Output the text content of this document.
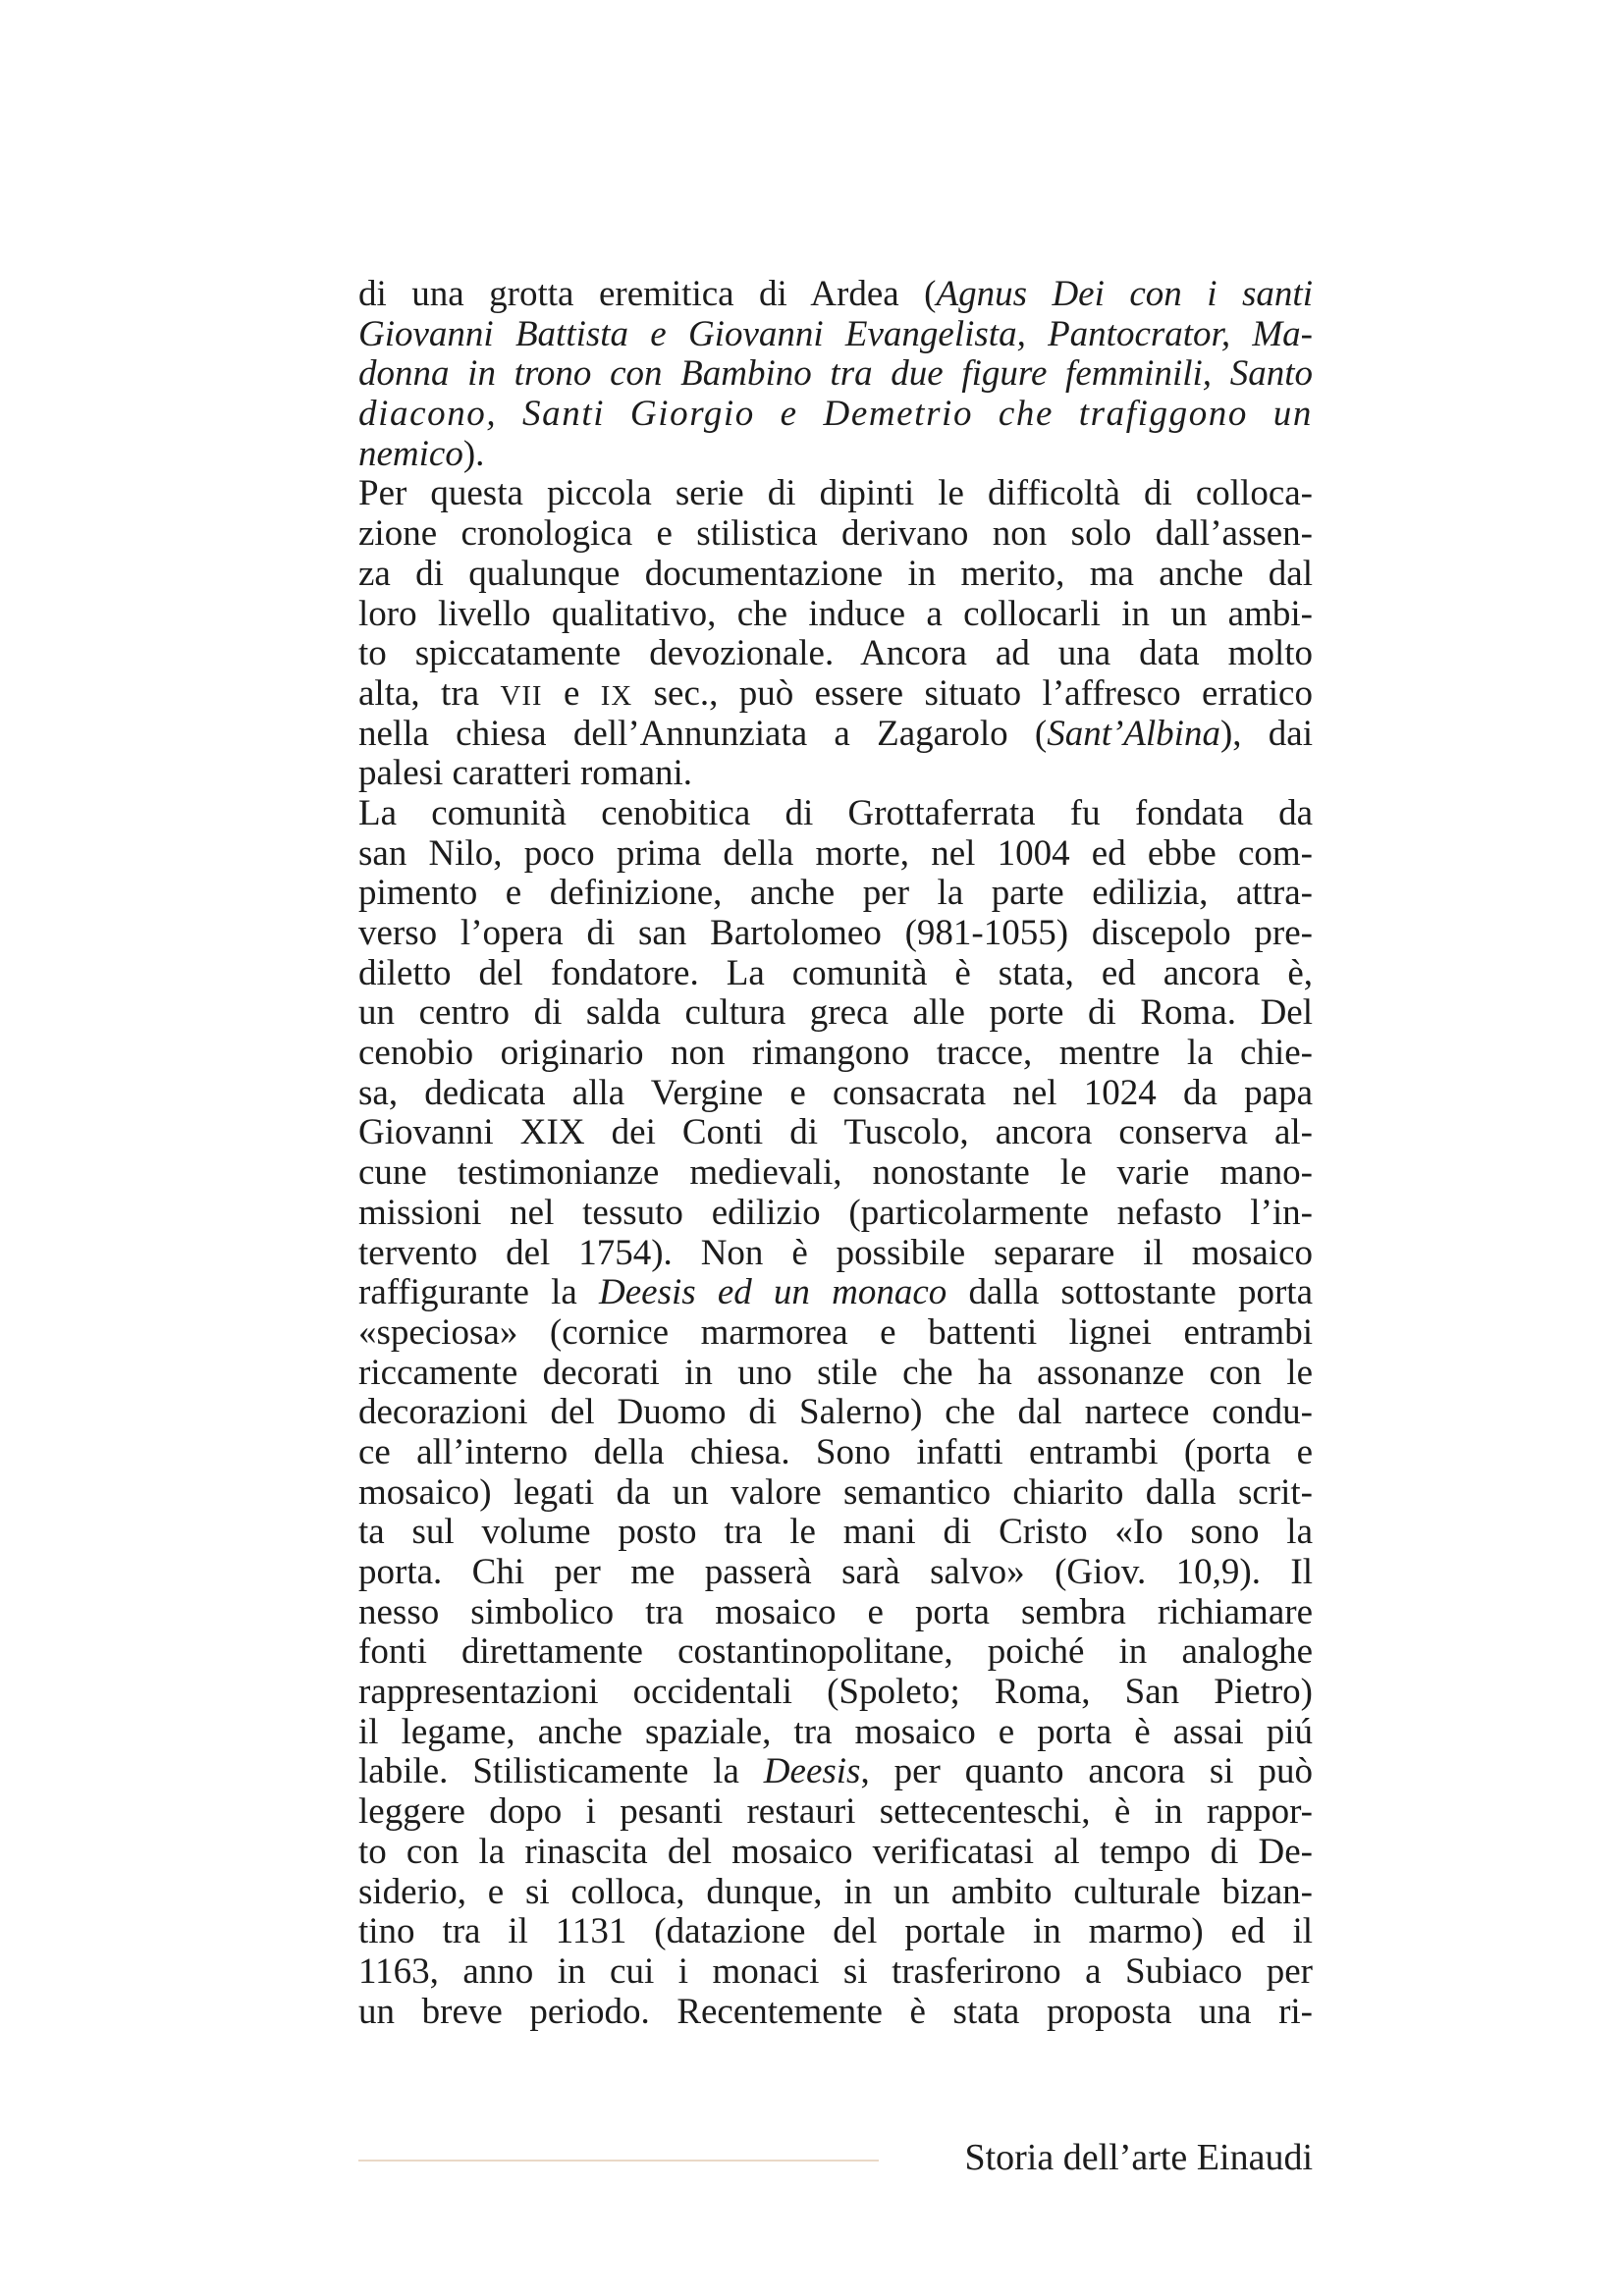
di una grotta eremitica di Ardea (Agnus Dei con i santi
Giovanni Battista e Giovanni Evangelista, Pantocrator, Ma-
donna in trono con Bambino tra due figure femminili, Santo
diacono, Santi Giorgio e Demetrio che trafiggono un
nemico).
Per questa piccola serie di dipinti le difficoltà di colloca-
zione cronologica e stilistica derivano non solo dall’assen-
za di qualunque documentazione in merito, ma anche dal
loro livello qualitativo, che induce a collocarli in un ambi-
to spiccatamente devozionale. Ancora ad una data molto
alta, tra VII e IX sec., può essere situato l’affresco erratico
nella chiesa dell’Annunziata a Zagarolo (Sant’Albina), dai
palesi caratteri romani.
La comunità cenobitica di Grottaferrata fu fondata da
san Nilo, poco prima della morte, nel 1004 ed ebbe com-
pimento e definizione, anche per la parte edilizia, attra-
verso l’opera di san Bartolomeo (981-1055) discepolo pre-
diletto del fondatore. La comunità è stata, ed ancora è,
un centro di salda cultura greca alle porte di Roma. Del
cenobio originario non rimangono tracce, mentre la chie-
sa, dedicata alla Vergine e consacrata nel 1024 da papa
Giovanni XIX dei Conti di Tuscolo, ancora conserva al-
cune testimonianze medievali, nonostante le varie mano-
missioni nel tessuto edilizio (particolarmente nefasto l’in-
tervento del 1754). Non è possibile separare il mosaico
raffigurante la Deesis ed un monaco dalla sottostante porta
«speciosa» (cornice marmorea e battenti lignei entrambi
riccamente decorati in uno stile che ha assonanze con le
decorazioni del Duomo di Salerno) che dal nartece condu-
ce all’interno della chiesa. Sono infatti entrambi (porta e
mosaico) legati da un valore semantico chiarito dalla scrit-
ta sul volume posto tra le mani di Cristo «Io sono la
porta. Chi per me passerà sarà salvo» (Giov. 10,9). Il
nesso simbolico tra mosaico e porta sembra richiamare
fonti direttamente costantinopolitane, poiché in analoghe
rappresentazioni occidentali (Spoleto; Roma, San Pietro)
il legame, anche spaziale, tra mosaico e porta è assai piú
labile. Stilisticamente la Deesis, per quanto ancora si può
leggere dopo i pesanti restauri settecenteschi, è in rappor-
to con la rinascita del mosaico verificatasi al tempo di De-
siderio, e si colloca, dunque, in un ambito culturale bizan-
tino tra il 1131 (datazione del portale in marmo) ed il
1163, anno in cui i monaci si trasferirono a Subiaco per
un breve periodo. Recentemente è stata proposta una ri-
Storia dell’arte Einaudi
